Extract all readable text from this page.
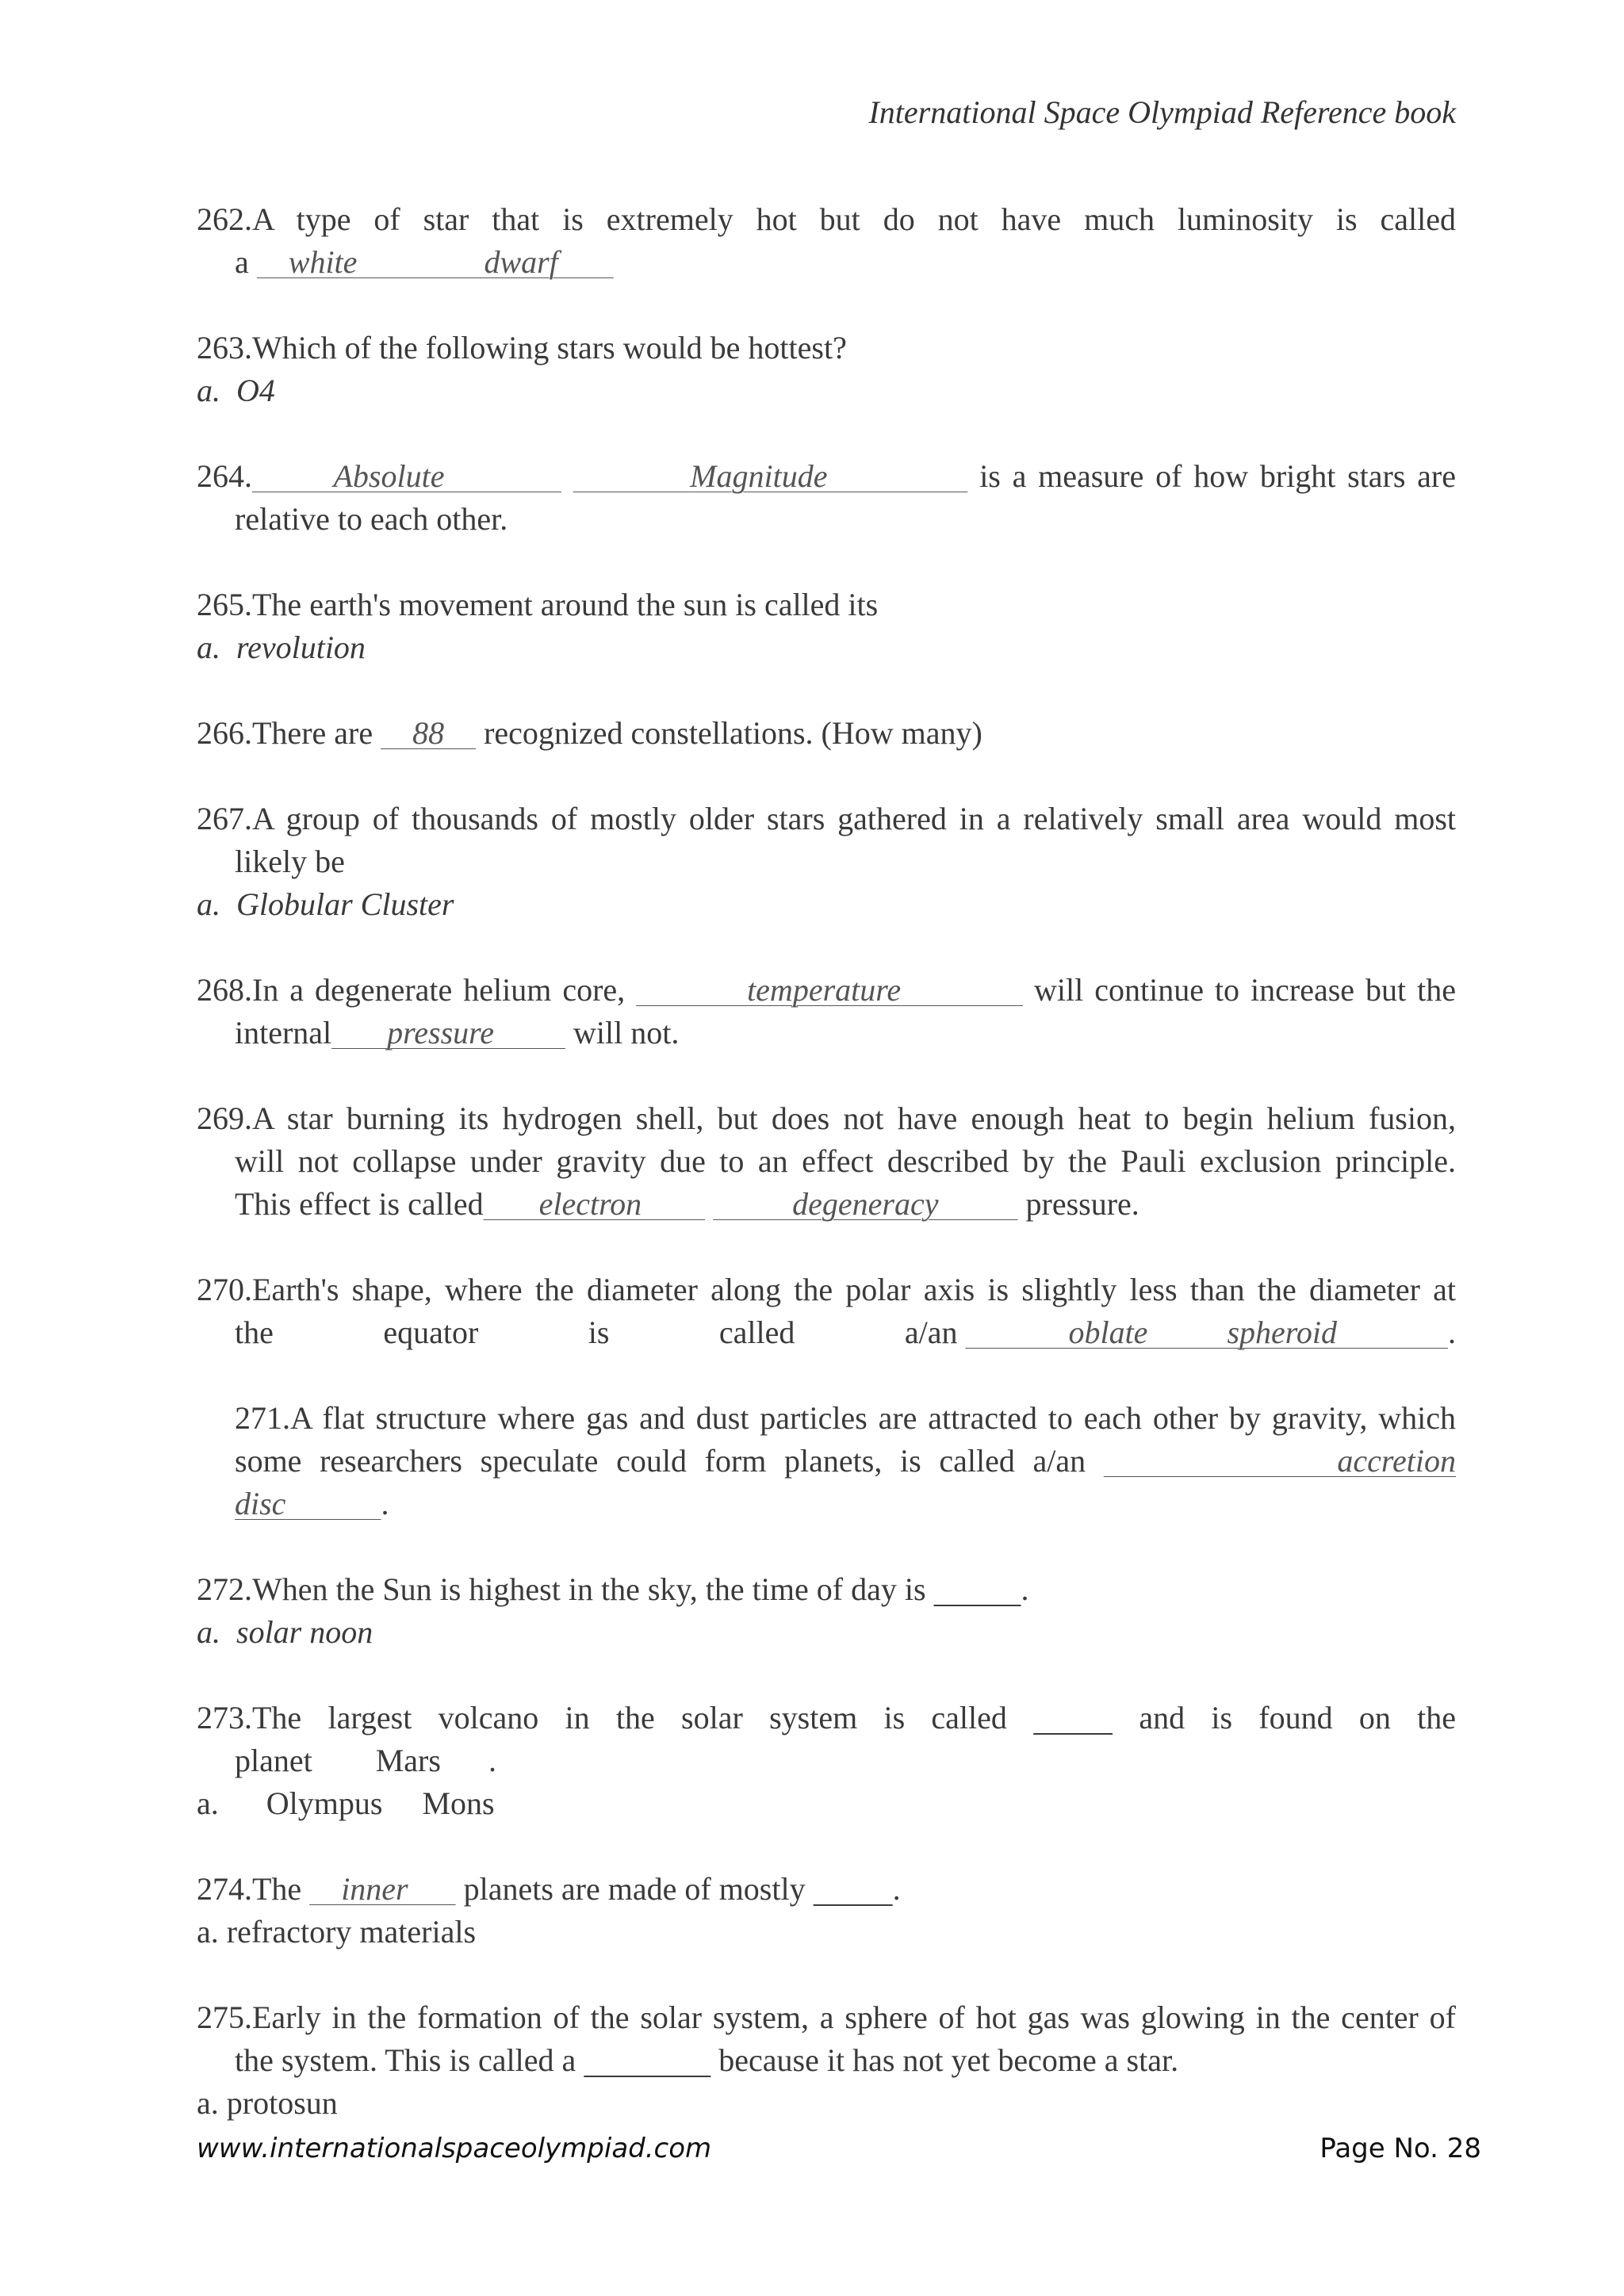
International Space Olympiad Reference book
262.A type of star that is extremely hot but do not have much luminosity is called
a     white	dwarf
263.Which of the following stars would be hottest?
a. O4
264.	Absolute	Magnitude	is a measure of how bright stars are
relative to each other.
265.The earth's movement around the sun is called its
a. revolution
266.There are     88     recognized constellations. (How many)
267.A group of thousands of mostly older stars gathered in a relatively small area would most
likely be
a. Globular Cluster
268.In a degenerate helium core,	temperature	will continue to increase but the
internal pressure          will not.
269.A star burning its hydrogen shell, but does not have enough heat to begin helium fusion,
will not collapse under gravity due to an effect described by the Pauli exclusion principle.
This effect is called electron	degeneracy	pressure.
270.Earth's shape, where the diameter along the polar axis is slightly less than the diameter at
the	equator	is	called	a/an	oblate	spheroid	.
271.A flat structure where gas and dust particles are attracted to each other by gravity, which
some researchers speculate could form planets, is called a/an	accretion
disc	.
272.When the Sun is highest in the sky, the time of day is	.
a. solar noon
273.The largest volcano in the solar system is called	and is found on the
planet Mars      .
a. Olympus Mons
274.The     inner       planets are made of mostly	.
a. refractory materials
275.Early in the formation of the solar system, a sphere of hot gas was glowing in the center of
the system. This is called a	because it has not yet become a star.
a. protosun
www.internationalspaceolympiad.com	Page No. 28
